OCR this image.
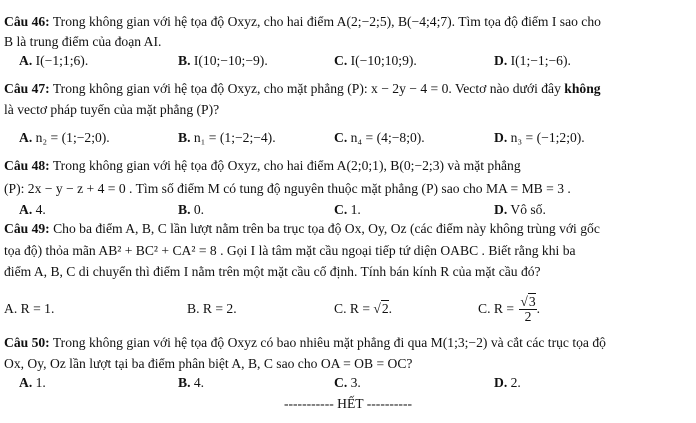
Câu 46: Trong không gian với hệ tọa độ Oxyz, cho hai điểm A(2;−2;5), B(−4;4;7). Tìm tọa độ điểm I sao cho
B là trung điểm của đoạn AI.
A. I(−1;1;6).	B. I(10;−10;−9).	C. I(−10;10;9).	D. I(1;−1;−6).
Câu 47: Trong không gian với hệ tọa độ Oxyz, cho mặt phẳng (P): x − 2y − 4 = 0. Vectơ nào dưới đây không
là vectơ pháp tuyến của mặt phẳng (P)?
A. n₂ = (1;−2;0).	B. n₁ = (1;−2;−4).	C. n₄ = (4;−8;0).	D. n₃ = (−1;2;0).
Câu 48: Trong không gian với hệ tọa độ Oxyz, cho hai điểm A(2;0;1), B(0;−2;3) và mặt phẳng
(P): 2x − y − z + 4 = 0 . Tìm số điểm M có tung độ nguyên thuộc mặt phẳng (P) sao cho MA = MB = 3 .
A. 4.	B. 0.	C. 1.	D. Vô số.
Câu 49: Cho ba điểm A, B, C lần lượt nằm trên ba trục tọa độ Ox, Oy, Oz (các điểm này không trùng với gốc
tọa độ) thỏa mãn AB² + BC² + CA² = 8 . Gọi I là tâm mặt cầu ngoại tiếp tứ diện OABC . Biết rằng khi ba
điểm A, B, C di chuyển thì điểm I nằm trên một mặt cầu cố định. Tính bán kính R của mặt cầu đó?
A. R = 1.	B. R = 2.	C. R = √2.	C. $R = \frac{√3}{2}$ .
Câu 50: Trong không gian với hệ tọa độ Oxyz có bao nhiêu mặt phẳng đi qua M(1;3;−2) và cắt các trục tọa độ
Ox, Oy, Oz lần lượt tại ba điểm phân biệt A, B, C sao cho OA = OB = OC?
A. 1.	B. 4.	C. 3.	D. 2.
----------- HẾT ----------
